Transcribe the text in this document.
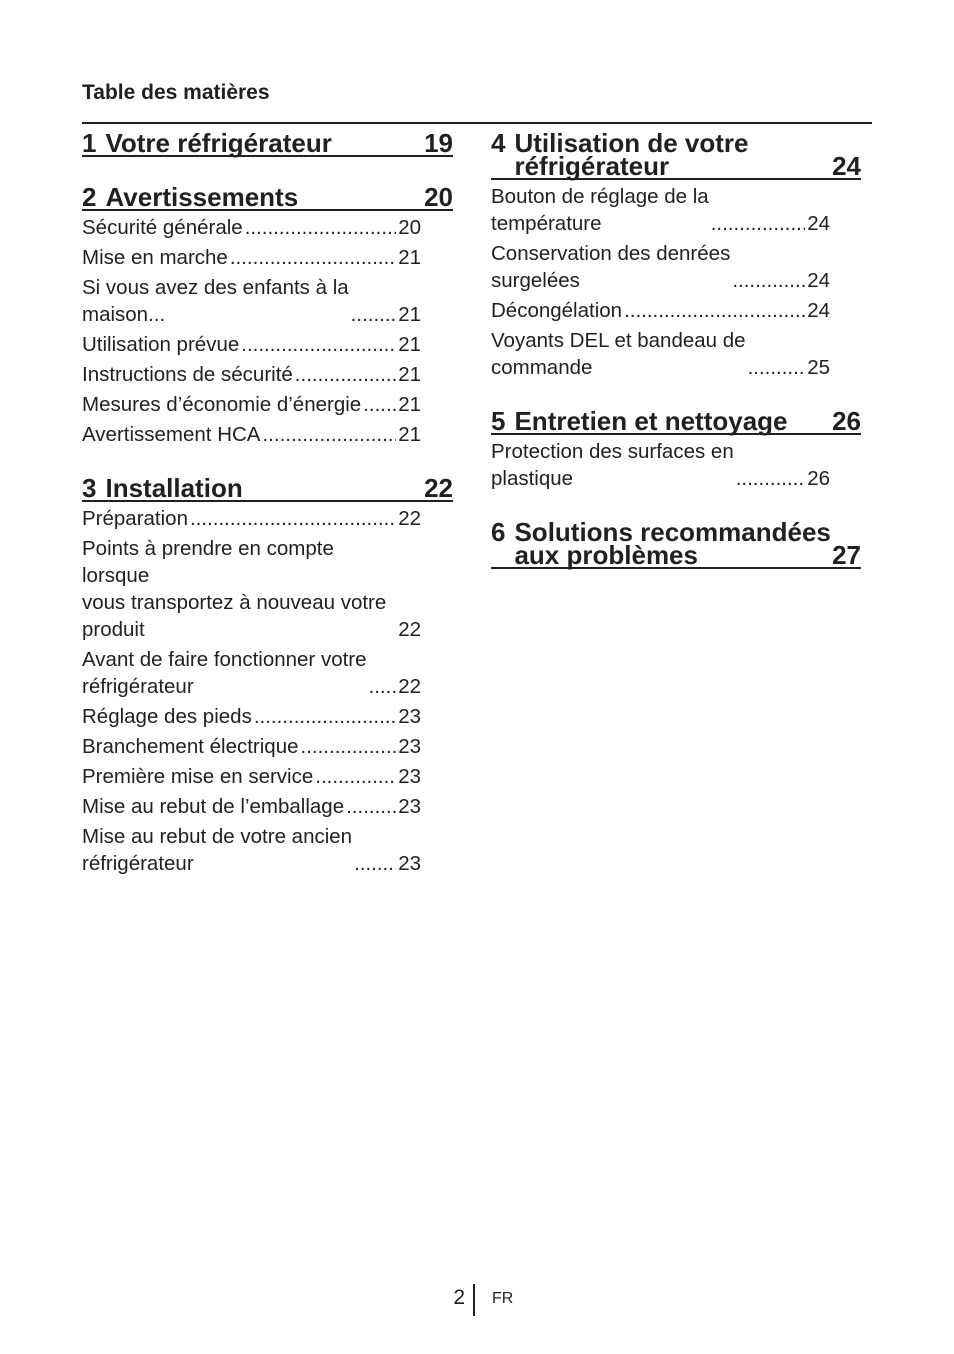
Table des matières
1 Votre réfrigérateur	19
2 Avertissements	20
Sécurité générale .....	20
Mise en marche .....	21
Si vous avez des enfants à la
maison... .....	21
Utilisation prévue .....	21
Instructions de sécurité .....	21
Mesures d’économie d’énergie ..... 21
Avertissement HCA .....	21
3 Installation	22
Préparation .....	22
Points à prendre en compte lorsque
vous transportez à nouveau votre
produit	22
Avant de faire fonctionner votre
réfrigérateur .....	22
Réglage des pieds .....	23
Branchement électrique .....	23
Première mise en service .....	23
Mise au rebut de l’emballage .....	23
Mise au rebut de votre ancien
réfrigérateur .....	23
4 Utilisation de votre
réfrigérateur	24
Bouton de réglage de la
température .....	24
Conservation des denrées
surgelées .....	24
Décongélation .....	24
Voyants DEL et bandeau de
commande .....	25
5 Entretien et nettoyage 26
Protection des surfaces en
plastique .....	26
6 Solutions recommandées
aux problèmes	27
2 FR
